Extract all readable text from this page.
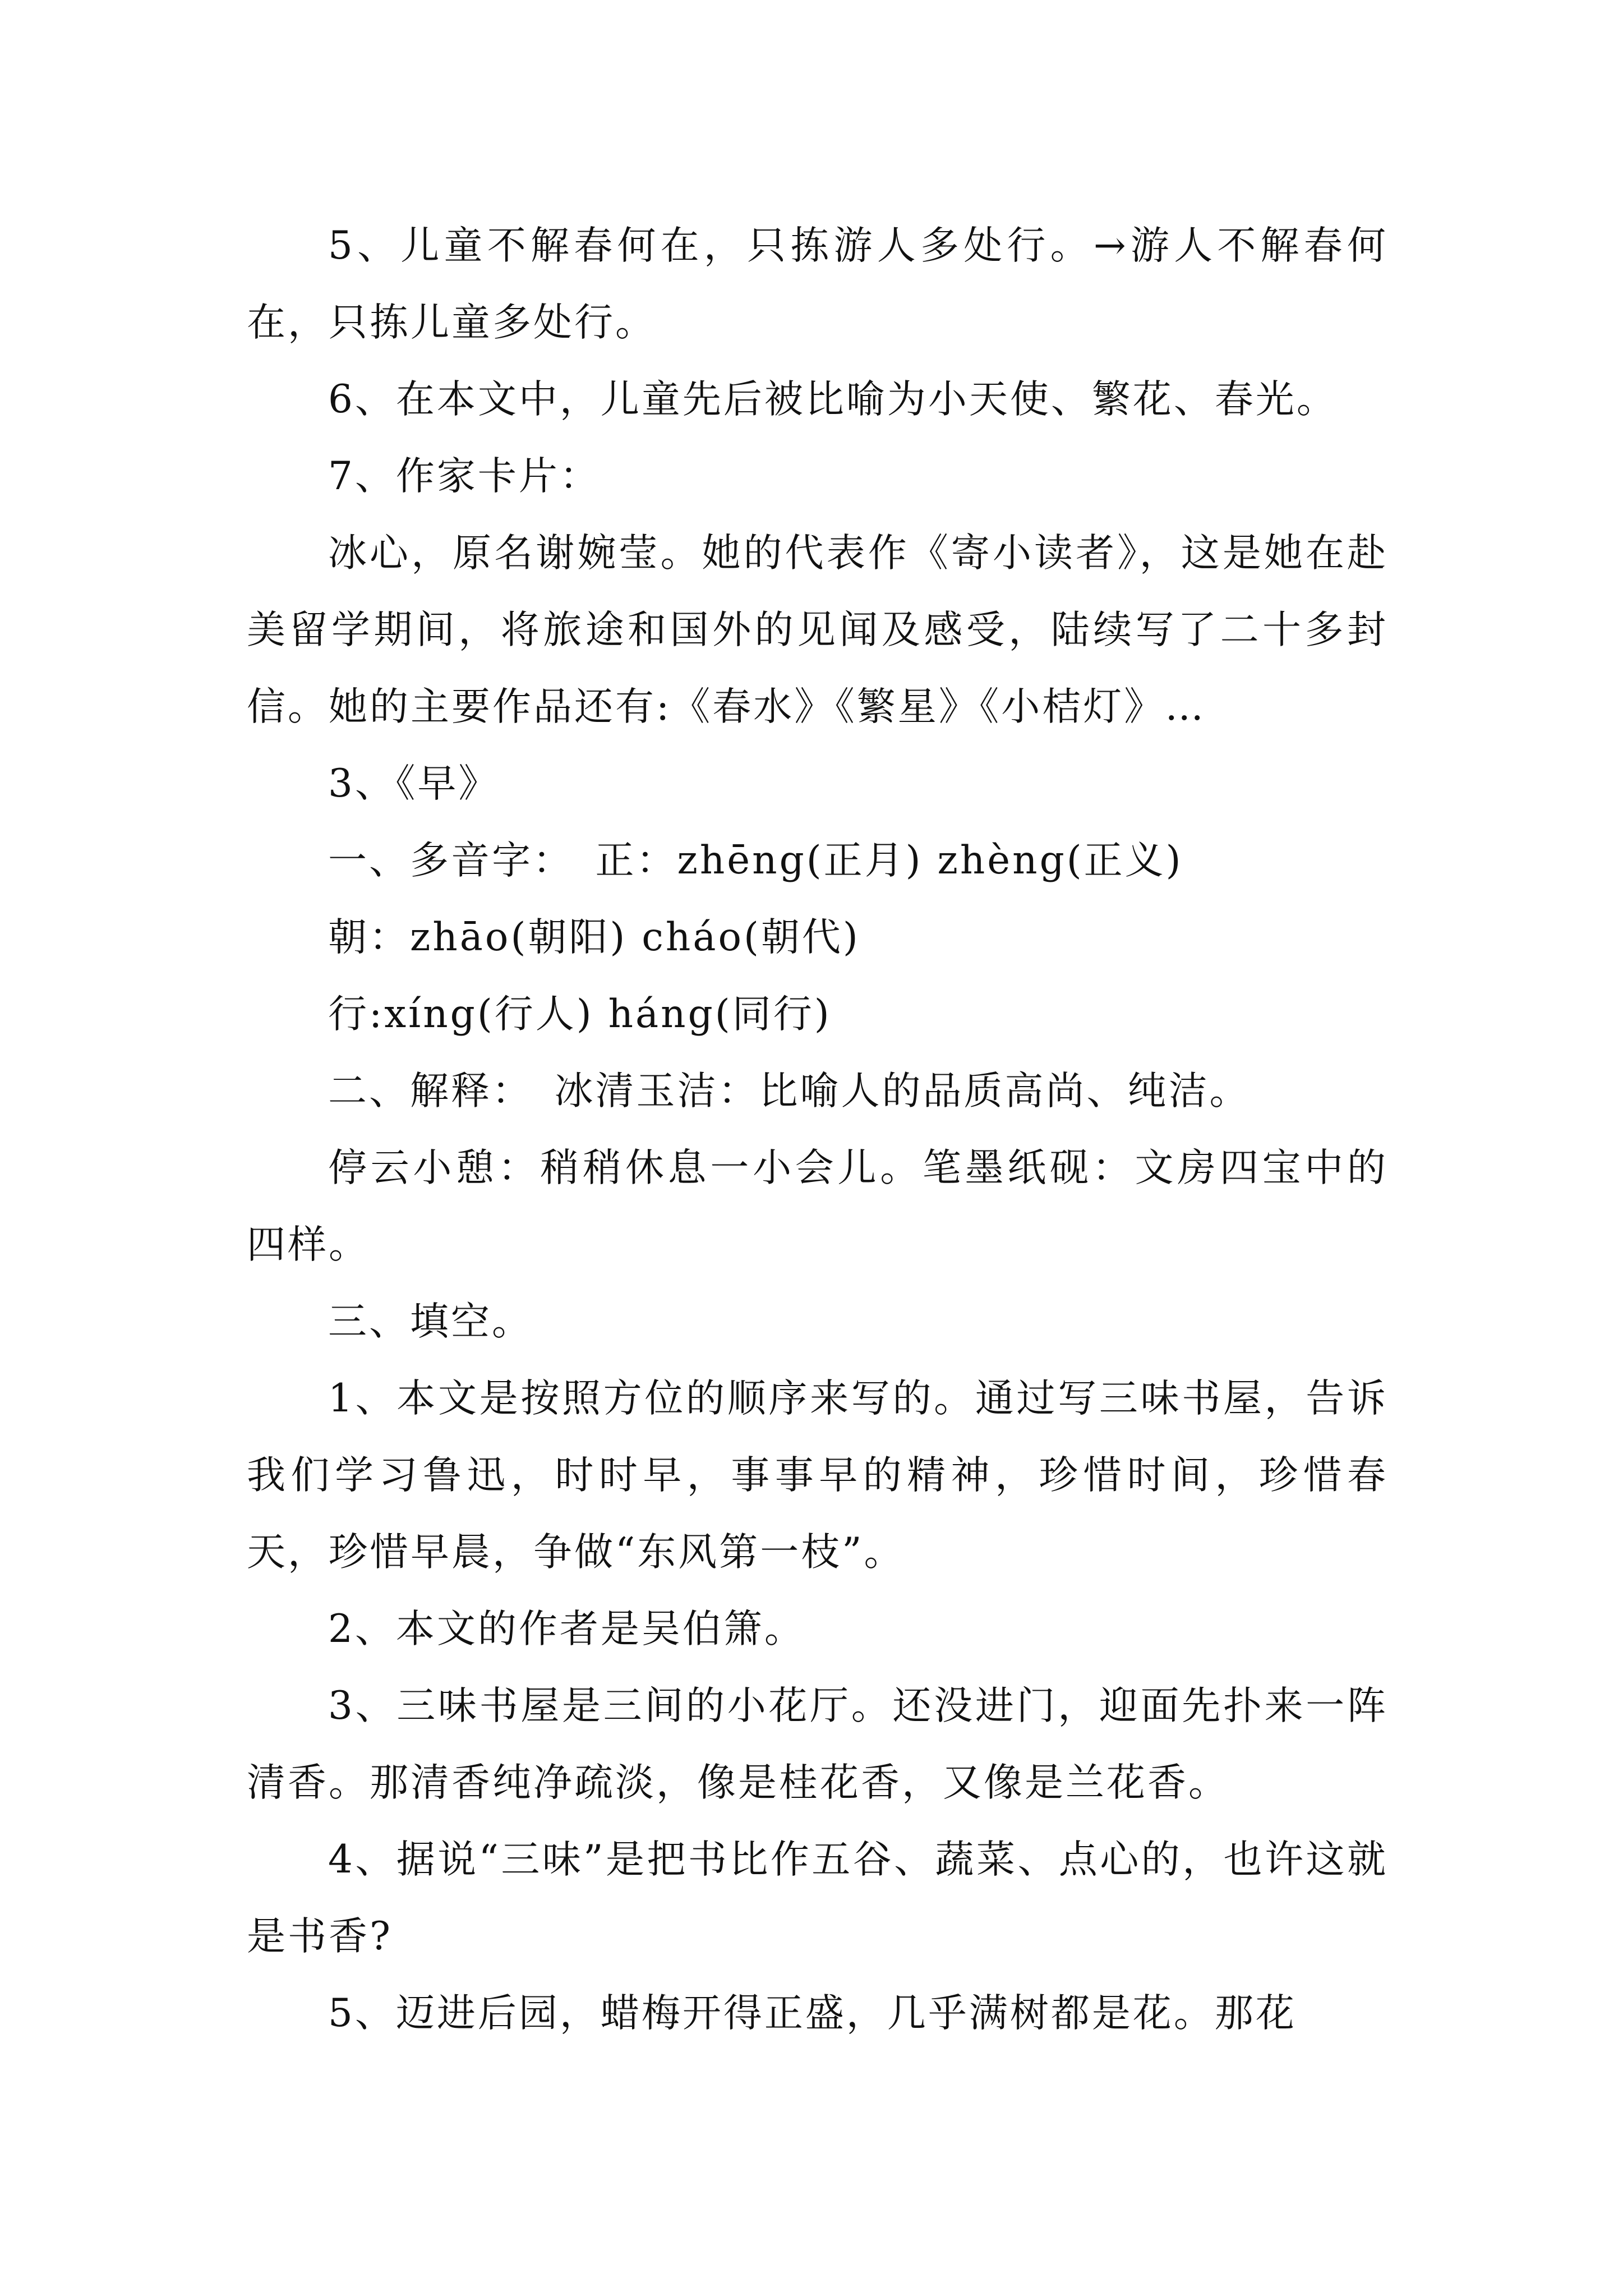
5、儿童不解春何在，只拣游人多处行。→游人不解春何在，只拣儿童多处行。

6、在本文中，儿童先后被比喻为小天使、繁花、春光。

7、作家卡片：

冰心，原名谢婉莹。她的代表作《寄小读者》，这是她在赴美留学期间，将旅途和国外的见闻及感受，陆续写了二十多封信。她的主要作品还有:《春水》《繁星》《小桔灯》…

3、《早》

一、多音字：　正：zhēng(正月) zhèng(正义)

朝：zhāo(朝阳) cháo(朝代)

行:xíng(行人) háng(同行)

二、解释：　冰清玉洁：比喻人的品质高尚、纯洁。

停云小憩：稍稍休息一小会儿。笔墨纸砚：文房四宝中的四样。

三、填空。

1、本文是按照方位的顺序来写的。通过写三味书屋，告诉我们学习鲁迅，时时早，事事早的精神，珍惜时间，珍惜春天，珍惜早晨，争做“东风第一枝”。

2、本文的作者是吴伯箫。

3、三味书屋是三间的小花厅。还没进门，迎面先扑来一阵清香。那清香纯净疏淡，像是桂花香，又像是兰花香。

4、据说“三味”是把书比作五谷、蔬菜、点心的，也许这就是书香?

5、迈进后园，蜡梅开得正盛，几乎满树都是花。那花
